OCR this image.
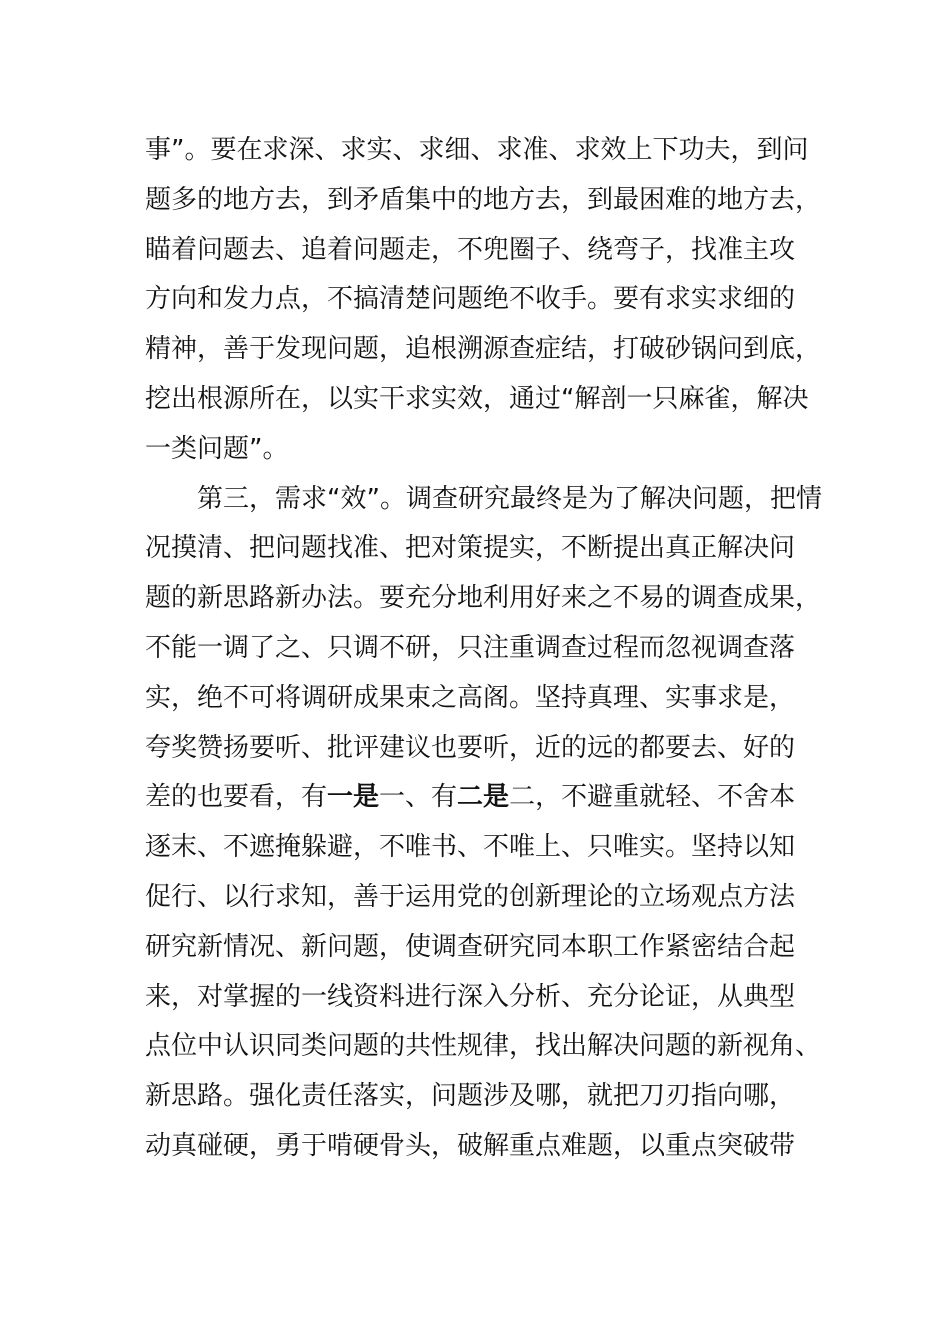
事”。要在求深、求实、求细、求准、求效上下功夫，到问
题多的地方去，到矛盾集中的地方去，到最困难的地方去，
瞄着问题去、追着问题走，不兜圈子、绕弯子，找准主攻
方向和发力点，不搞清楚问题绝不收手。要有求实求细的
精神，善于发现问题，追根溯源查症结，打破砂锅问到底，
挖出根源所在，以实干求实效，通过“解剖一只麻雀，解决
一类问题”。
　　第三，需求“效”。调查研究最终是为了解决问题，把情
况摸清、把问题找准、把对策提实，不断提出真正解决问
题的新思路新办法。要充分地利用好来之不易的调查成果，
不能一调了之、只调不研，只注重调查过程而忽视调查落
实，绝不可将调研成果束之高阁。坚持真理、实事求是，
夸奖赞扬要听、批评建议也要听，近的远的都要去、好的
差的也要看，有一是一、有二是二，不避重就轻、不舍本
逐末、不遮掩躲避，不唯书、不唯上、只唯实。坚持以知
促行、以行求知，善于运用党的创新理论的立场观点方法
研究新情况、新问题，使调查研究同本职工作紧密结合起
来，对掌握的一线资料进行深入分析、充分论证，从典型
点位中认识同类问题的共性规律，找出解决问题的新视角、
新思路。强化责任落实，问题涉及哪，就把刀刃指向哪，
动真碰硬，勇于啃硬骨头，破解重点难题，以重点突破带
